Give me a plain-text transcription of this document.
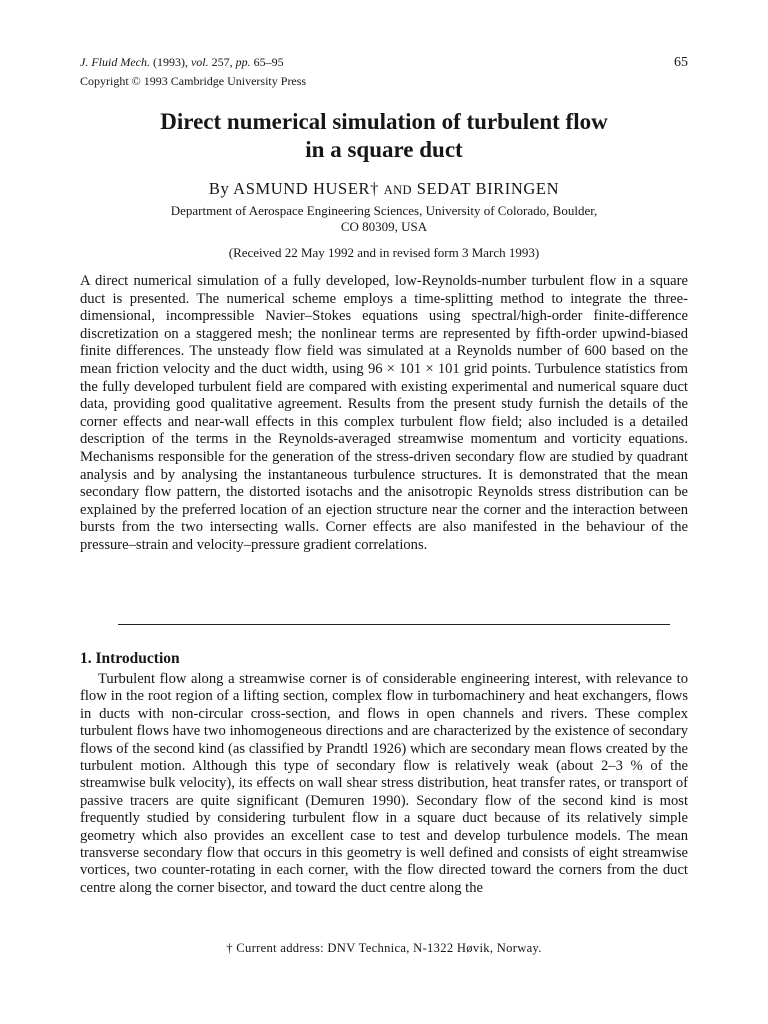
J. Fluid Mech. (1993), vol. 257, pp. 65–95
Copyright © 1993 Cambridge University Press
65
Direct numerical simulation of turbulent flow
in a square duct
By ASMUND HUSER† AND SEDAT BIRINGEN
Department of Aerospace Engineering Sciences, University of Colorado, Boulder,
CO 80309, USA
(Received 22 May 1992 and in revised form 3 March 1993)

A direct numerical simulation of a fully developed, low-Reynolds-number turbulent flow in a square duct is presented. The numerical scheme employs a time-splitting method to integrate the three-dimensional, incompressible Navier–Stokes equations using spectral/high-order finite-difference discretization on a staggered mesh; the nonlinear terms are represented by fifth-order upwind-biased finite differences. The unsteady flow field was simulated at a Reynolds number of 600 based on the mean friction velocity and the duct width, using 96 × 101 × 101 grid points. Turbulence statistics from the fully developed turbulent field are compared with existing experimental and numerical square duct data, providing good qualitative agreement. Results from the present study furnish the details of the corner effects and near-wall effects in this complex turbulent flow field; also included is a detailed description of the terms in the Reynolds-averaged streamwise momentum and vorticity equations. Mechanisms responsible for the generation of the stress-driven secondary flow are studied by quadrant analysis and by analysing the instantaneous turbulence structures. It is demonstrated that the mean secondary flow pattern, the distorted isotachs and the anisotropic Reynolds stress distribution can be explained by the preferred location of an ejection structure near the corner and the interaction between bursts from the two intersecting walls. Corner effects are also manifested in the behaviour of the pressure–strain and velocity–pressure gradient correlations.

1. Introduction

Turbulent flow along a streamwise corner is of considerable engineering interest, with relevance to flow in the root region of a lifting section, complex flow in turbomachinery and heat exchangers, flows in ducts with non-circular cross-section, and flows in open channels and rivers. These complex turbulent flows have two inhomogeneous directions and are characterized by the existence of secondary flows of the second kind (as classified by Prandtl 1926) which are secondary mean flows created by the turbulent motion. Although this type of secondary flow is relatively weak (about 2–3 % of the streamwise bulk velocity), its effects on wall shear stress distribution, heat transfer rates, or transport of passive tracers are quite significant (Demuren 1990). Secondary flow of the second kind is most frequently studied by considering turbulent flow in a square duct because of its relatively simple geometry which also provides an excellent case to test and develop turbulence models. The mean transverse secondary flow that occurs in this geometry is well defined and consists of eight streamwise vortices, two counter-rotating in each corner, with the flow directed toward the corners from the duct centre along the corner bisector, and toward the duct centre along the

† Current address: DNV Technica, N-1322 Høvik, Norway.
